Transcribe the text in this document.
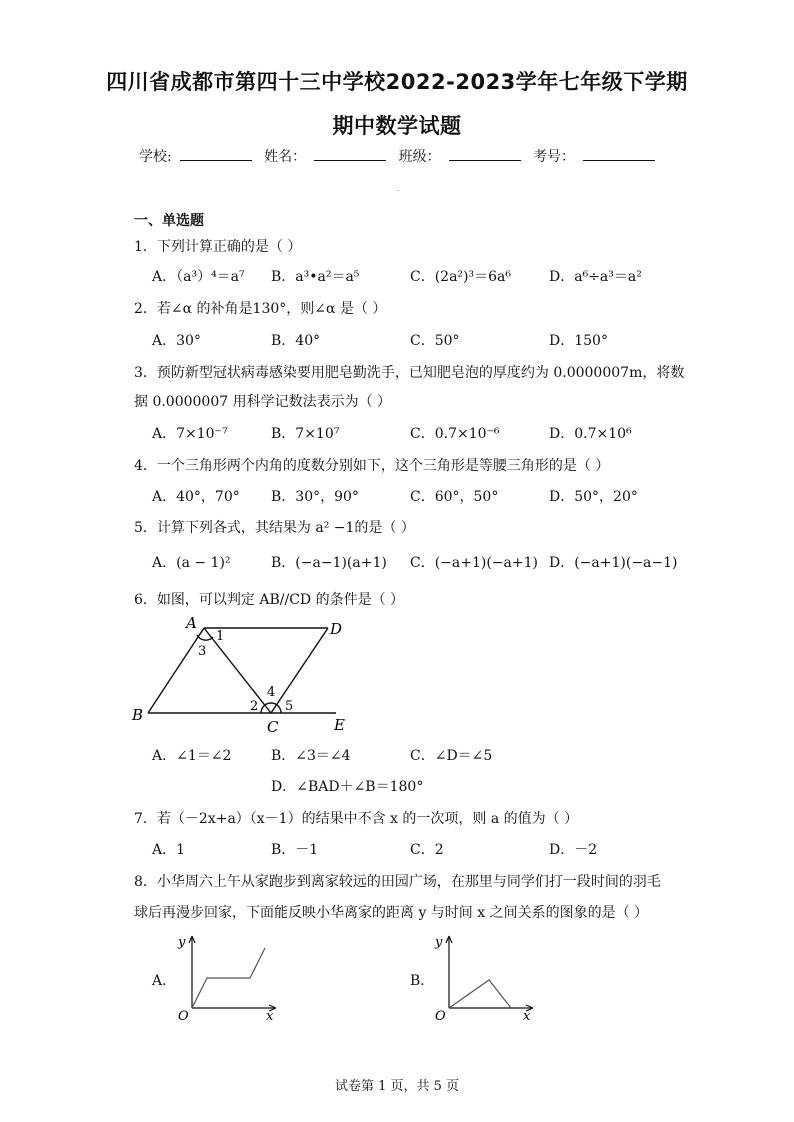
四川省成都市第四十三中学校2022-2023学年七年级下学期
期中数学试题
学校:	姓名：	班级：	考号：
一、单选题
1．下列计算正确的是（ ）
A．（a³）⁴＝a⁷ B．a³•a²＝a⁵	C．(2a²)³＝6a⁶	D．a⁶÷a³＝a²
2．若∠α 的补角是130°，则∠α 是（ ）
A．30°	B．40°	C．50°	D．150°
3．预防新型冠状病毒感染要用肥皂勤洗手，已知肥皂泡的厚度约为 0.0000007m，将数
据 0.0000007 用科学记数法表示为（ ）
A．7×10⁻⁷	B．7×10⁷	C．0.7×10⁻⁶	D．0.7×10⁶
4．一个三角形两个内角的度数分别如下，这个三角形是等腰三角形的是（ ）
A．40°，70° B．30°，90°	C．60°，50°	D．50°，20°
5．计算下列各式，其结果为 a² −1的是（ ）
A．(a − 1)²	B．(−a−1)(a+1) C．(−a+1)(−a+1) D．(−a+1)(−a−1)
6．如图，可以判定 AB//CD 的条件是（ ）
A
1
3
D
B
4
2 5
C	E
A．∠1＝∠2	B．∠3＝∠4	C．∠D＝∠5
D．∠BAD＋∠B＝180°
7．若（－2x+a）（x－1）的结果中不含 x 的一次项，则 a 的值为（ ）
A．1	B．－1	C．2	D．－2
8．小华周六上午从家跑步到离家较远的田园广场，在那里与同学们打一段时间的羽毛
球后再漫步回家，下面能反映小华离家的距离 y 与时间 x 之间关系的图象的是（ ）
A．
y
x
O
B．
y
x
O
试卷第 1 页，共 5 页
